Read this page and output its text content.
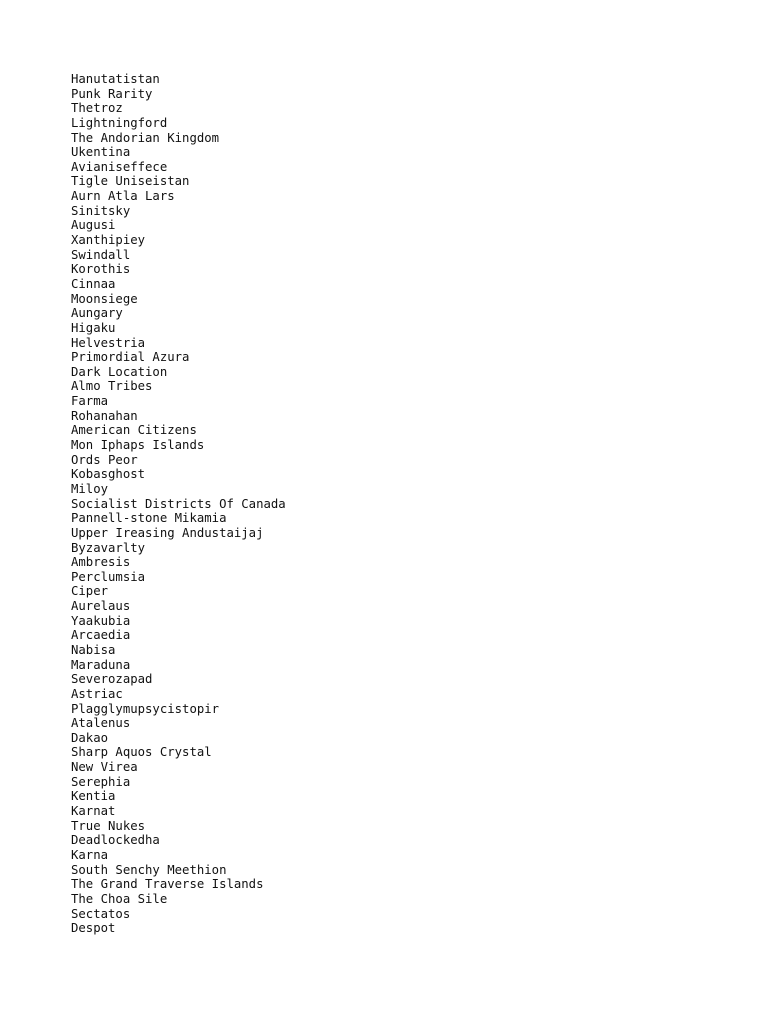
Hanutatistan
Punk Rarity
Thetroz
Lightningford
The Andorian Kingdom
Ukentina
Avianiseffece
Tigle Uniseistan
Aurn Atla Lars
Sinitsky
Augusi
Xanthipiey
Swindall
Korothis
Cinnaa
Moonsiege
Aungary
Higaku
Helvestria
Primordial Azura
Dark Location
Almo Tribes
Farma
Rohanahan
American Citizens
Mon Iphaps Islands
Ords Peor
Kobasghost
Miloy
Socialist Districts Of Canada
Pannell-stone Mikamia
Upper Ireasing Andustaijaj
Byzavarlty
Ambresis
Perclumsia
Ciper
Aurelaus
Yaakubia
Arcaedia
Nabisa
Maraduna
Severozapad
Astriac
Plagglymupsycistopir
Atalenus
Dakao
Sharp Aquos Crystal
New Virea
Serephia
Kentia
Karnat
True Nukes
Deadlockedha
Karna
South Senchy Meethion
The Grand Traverse Islands
The Choa Sile
Sectatos
Despot
